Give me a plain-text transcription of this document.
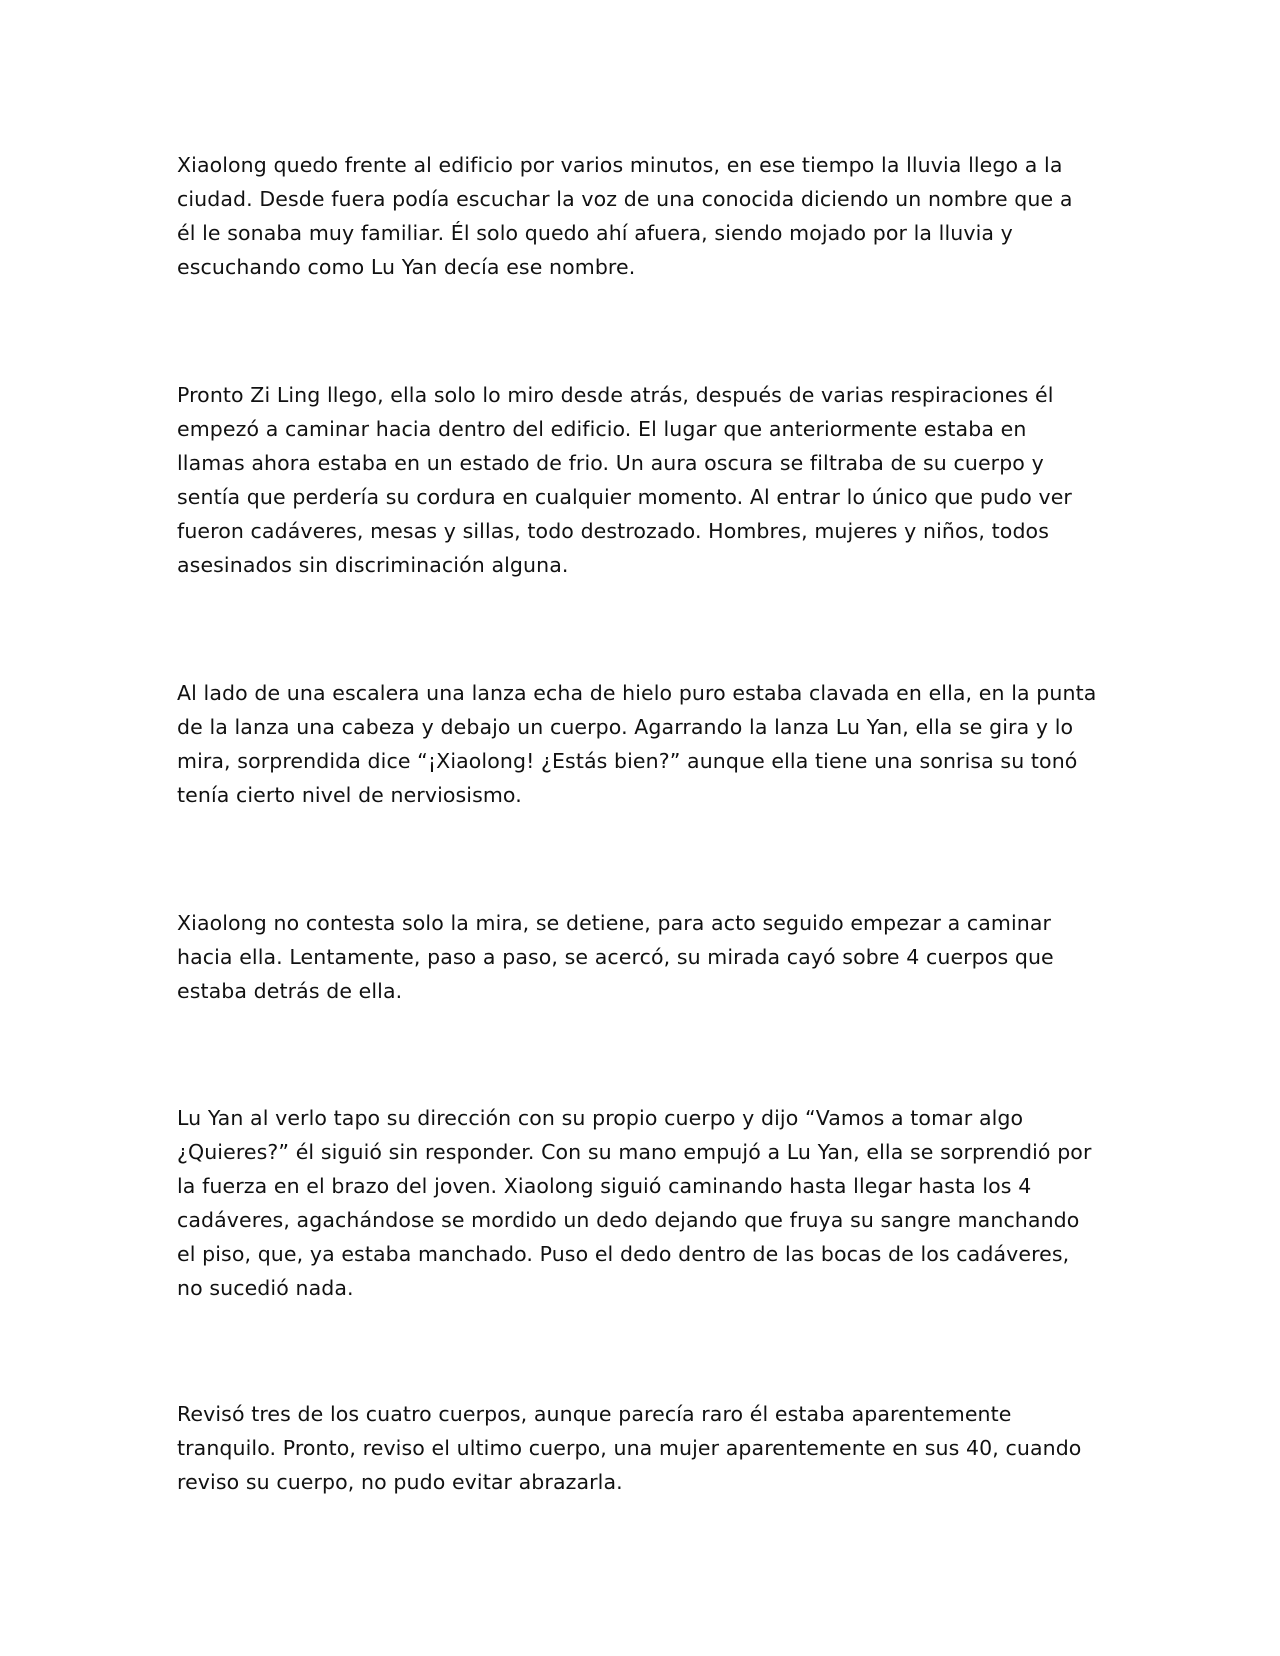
Xiaolong quedo frente al edificio por varios minutos, en ese tiempo la lluvia llego a la ciudad. Desde fuera podía escuchar la voz de una conocida diciendo un nombre que a él le sonaba muy familiar. Él solo quedo ahí afuera, siendo mojado por la lluvia y escuchando como Lu Yan decía ese nombre.

Pronto Zi Ling llego, ella solo lo miro desde atrás, después de varias respiraciones él empezó a caminar hacia dentro del edificio. El lugar que anteriormente estaba en llamas ahora estaba en un estado de frio. Un aura oscura se filtraba de su cuerpo y sentía que perdería su cordura en cualquier momento. Al entrar lo único que pudo ver fueron cadáveres, mesas y sillas, todo destrozado. Hombres, mujeres y niños, todos asesinados sin discriminación alguna.

Al lado de una escalera una lanza echa de hielo puro estaba clavada en ella, en la punta de la lanza una cabeza y debajo un cuerpo. Agarrando la lanza Lu Yan, ella se gira y lo mira, sorprendida dice “¡Xiaolong! ¿Estás bien?” aunque ella tiene una sonrisa su tonó tenía cierto nivel de nerviosismo.

Xiaolong no contesta solo la mira, se detiene, para acto seguido empezar a caminar hacia ella. Lentamente, paso a paso, se acercó, su mirada cayó sobre 4 cuerpos que estaba detrás de ella.

Lu Yan al verlo tapo su dirección con su propio cuerpo y dijo “Vamos a tomar algo ¿Quieres?” él siguió sin responder. Con su mano empujó a Lu Yan, ella se sorprendió por la fuerza en el brazo del joven. Xiaolong siguió caminando hasta llegar hasta los 4 cadáveres, agachándose se mordido un dedo dejando que fruya su sangre manchando el piso, que, ya estaba manchado. Puso el dedo dentro de las bocas de los cadáveres, no sucedió nada.

Revisó tres de los cuatro cuerpos, aunque parecía raro él estaba aparentemente tranquilo. Pronto, reviso el ultimo cuerpo, una mujer aparentemente en sus 40, cuando reviso su cuerpo, no pudo evitar abrazarla.
